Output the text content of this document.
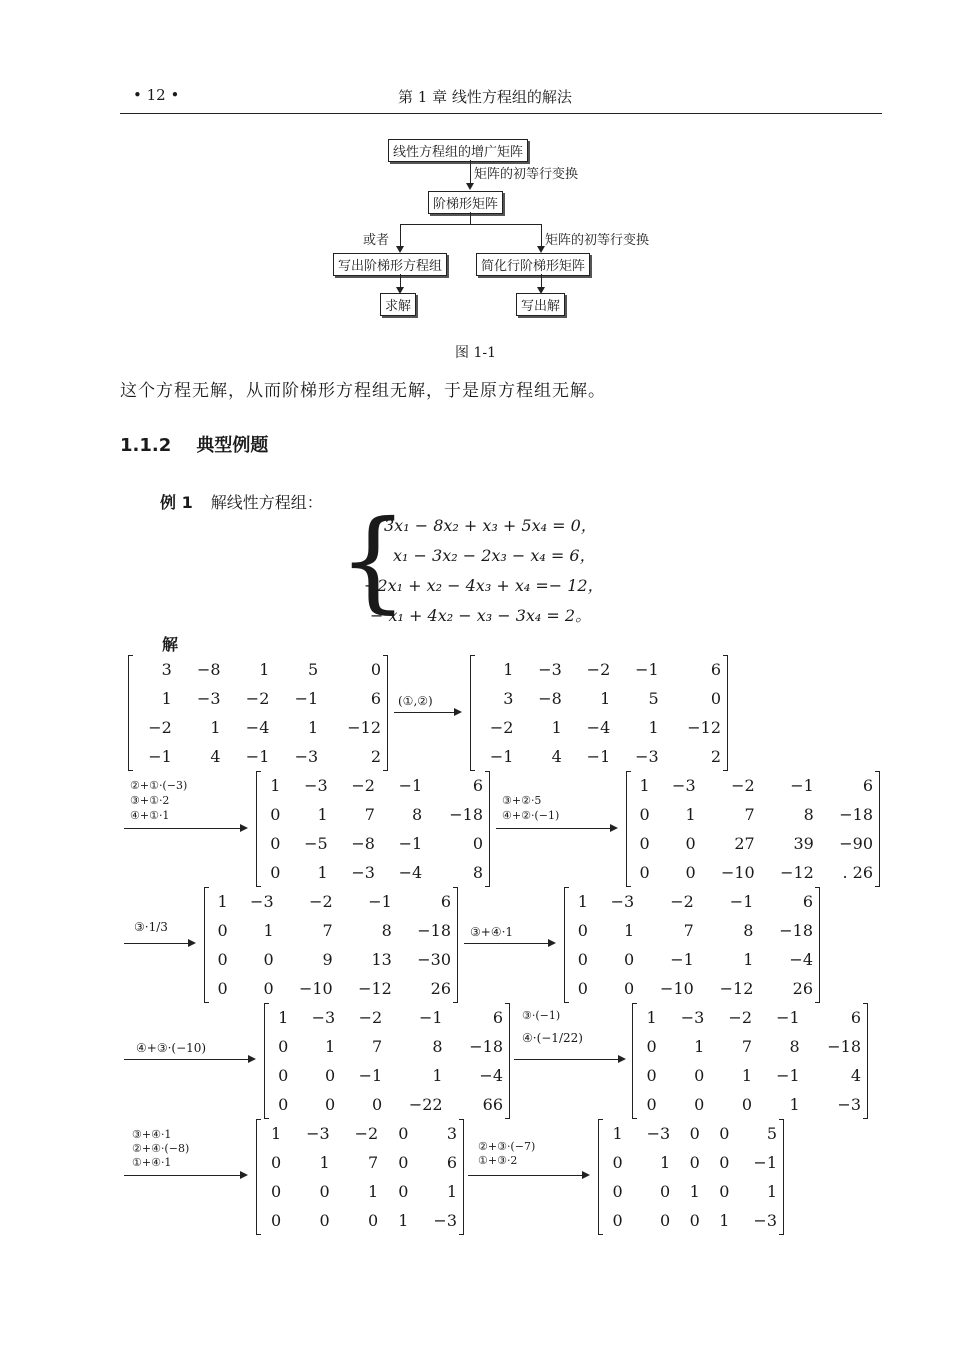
• 12 •	第 1 章 线性方程组的解法
线性方程组的增广矩阵
矩阵的初等行变换
阶梯形矩阵
或者	矩阵的初等行变换
写出阶梯形方程组	简化行阶梯形矩阵
求解	写出解
图 1-1
这个方程无解，从而阶梯形方程组无解，于是原方程组无解。
1.1.2 典型例题
例 1 解线性方程组： {
3x₁ − 8x₂ + x₃ + 5x₄ = 0，
x₁ − 3x₂ − 2x₃ − x₄ = 6，
−2x₁ + x₂ − 4x₃ + x₄ =− 12，
− x₁ + 4x₂ − x₃ − 3x₄ = 2。
解
3	−8	1	5	0
1	−3	−2	−1	6
−2	1	−4	1	−12
−1	4	−1	−3	2
(①,②)
1	−3	−2	−1	6
3	−8	1	5	0
−2	1	−4	1	−12
−1	4	−1	−3	2
②+①·(−3)
③+①·2
④+①·1
1	−3	−2	−1	6
0	1	7	8	−18
0	−5	−8	−1	0
0	1	−3	−4	8
③+②·5
④+②·(−1)
1	−3	−2	−1	6
0	1	7	8	−18
0	0	27	39	−90
0	0	−10	−12	. 26
③·1/3
1	−3	−2	−1	6
0	1	7	8	−18
0	0	9	13	−30
0	0	−10	−12	26
③+④·1
1	−3	−2	−1	6
0	1	7	8	−18
0	0	−1	1	−4
0	0	−10	−12	26
④+③·(−10)
1	−3	−2	−1	6
0	1	7	8	−18
0	0	−1	1	−4
0	0	0	−22	66
③·(−1)
④·(−1/22)
1	−3	−2	−1	6
0	1	7	8	−18
0	0	1	−1	4
0	0	0	1	−3
③+④·1
②+④·(−8)
①+④·1
1	−3	−2	0	3
0	1	7	0	6
0	0	1	0	1
0	0	0	1	−3
②+③·(−7)
①+③·2
1	−3	0	0	5
0	1	0	0	−1
0	0	1	0	1
0	0	0	1	−3
